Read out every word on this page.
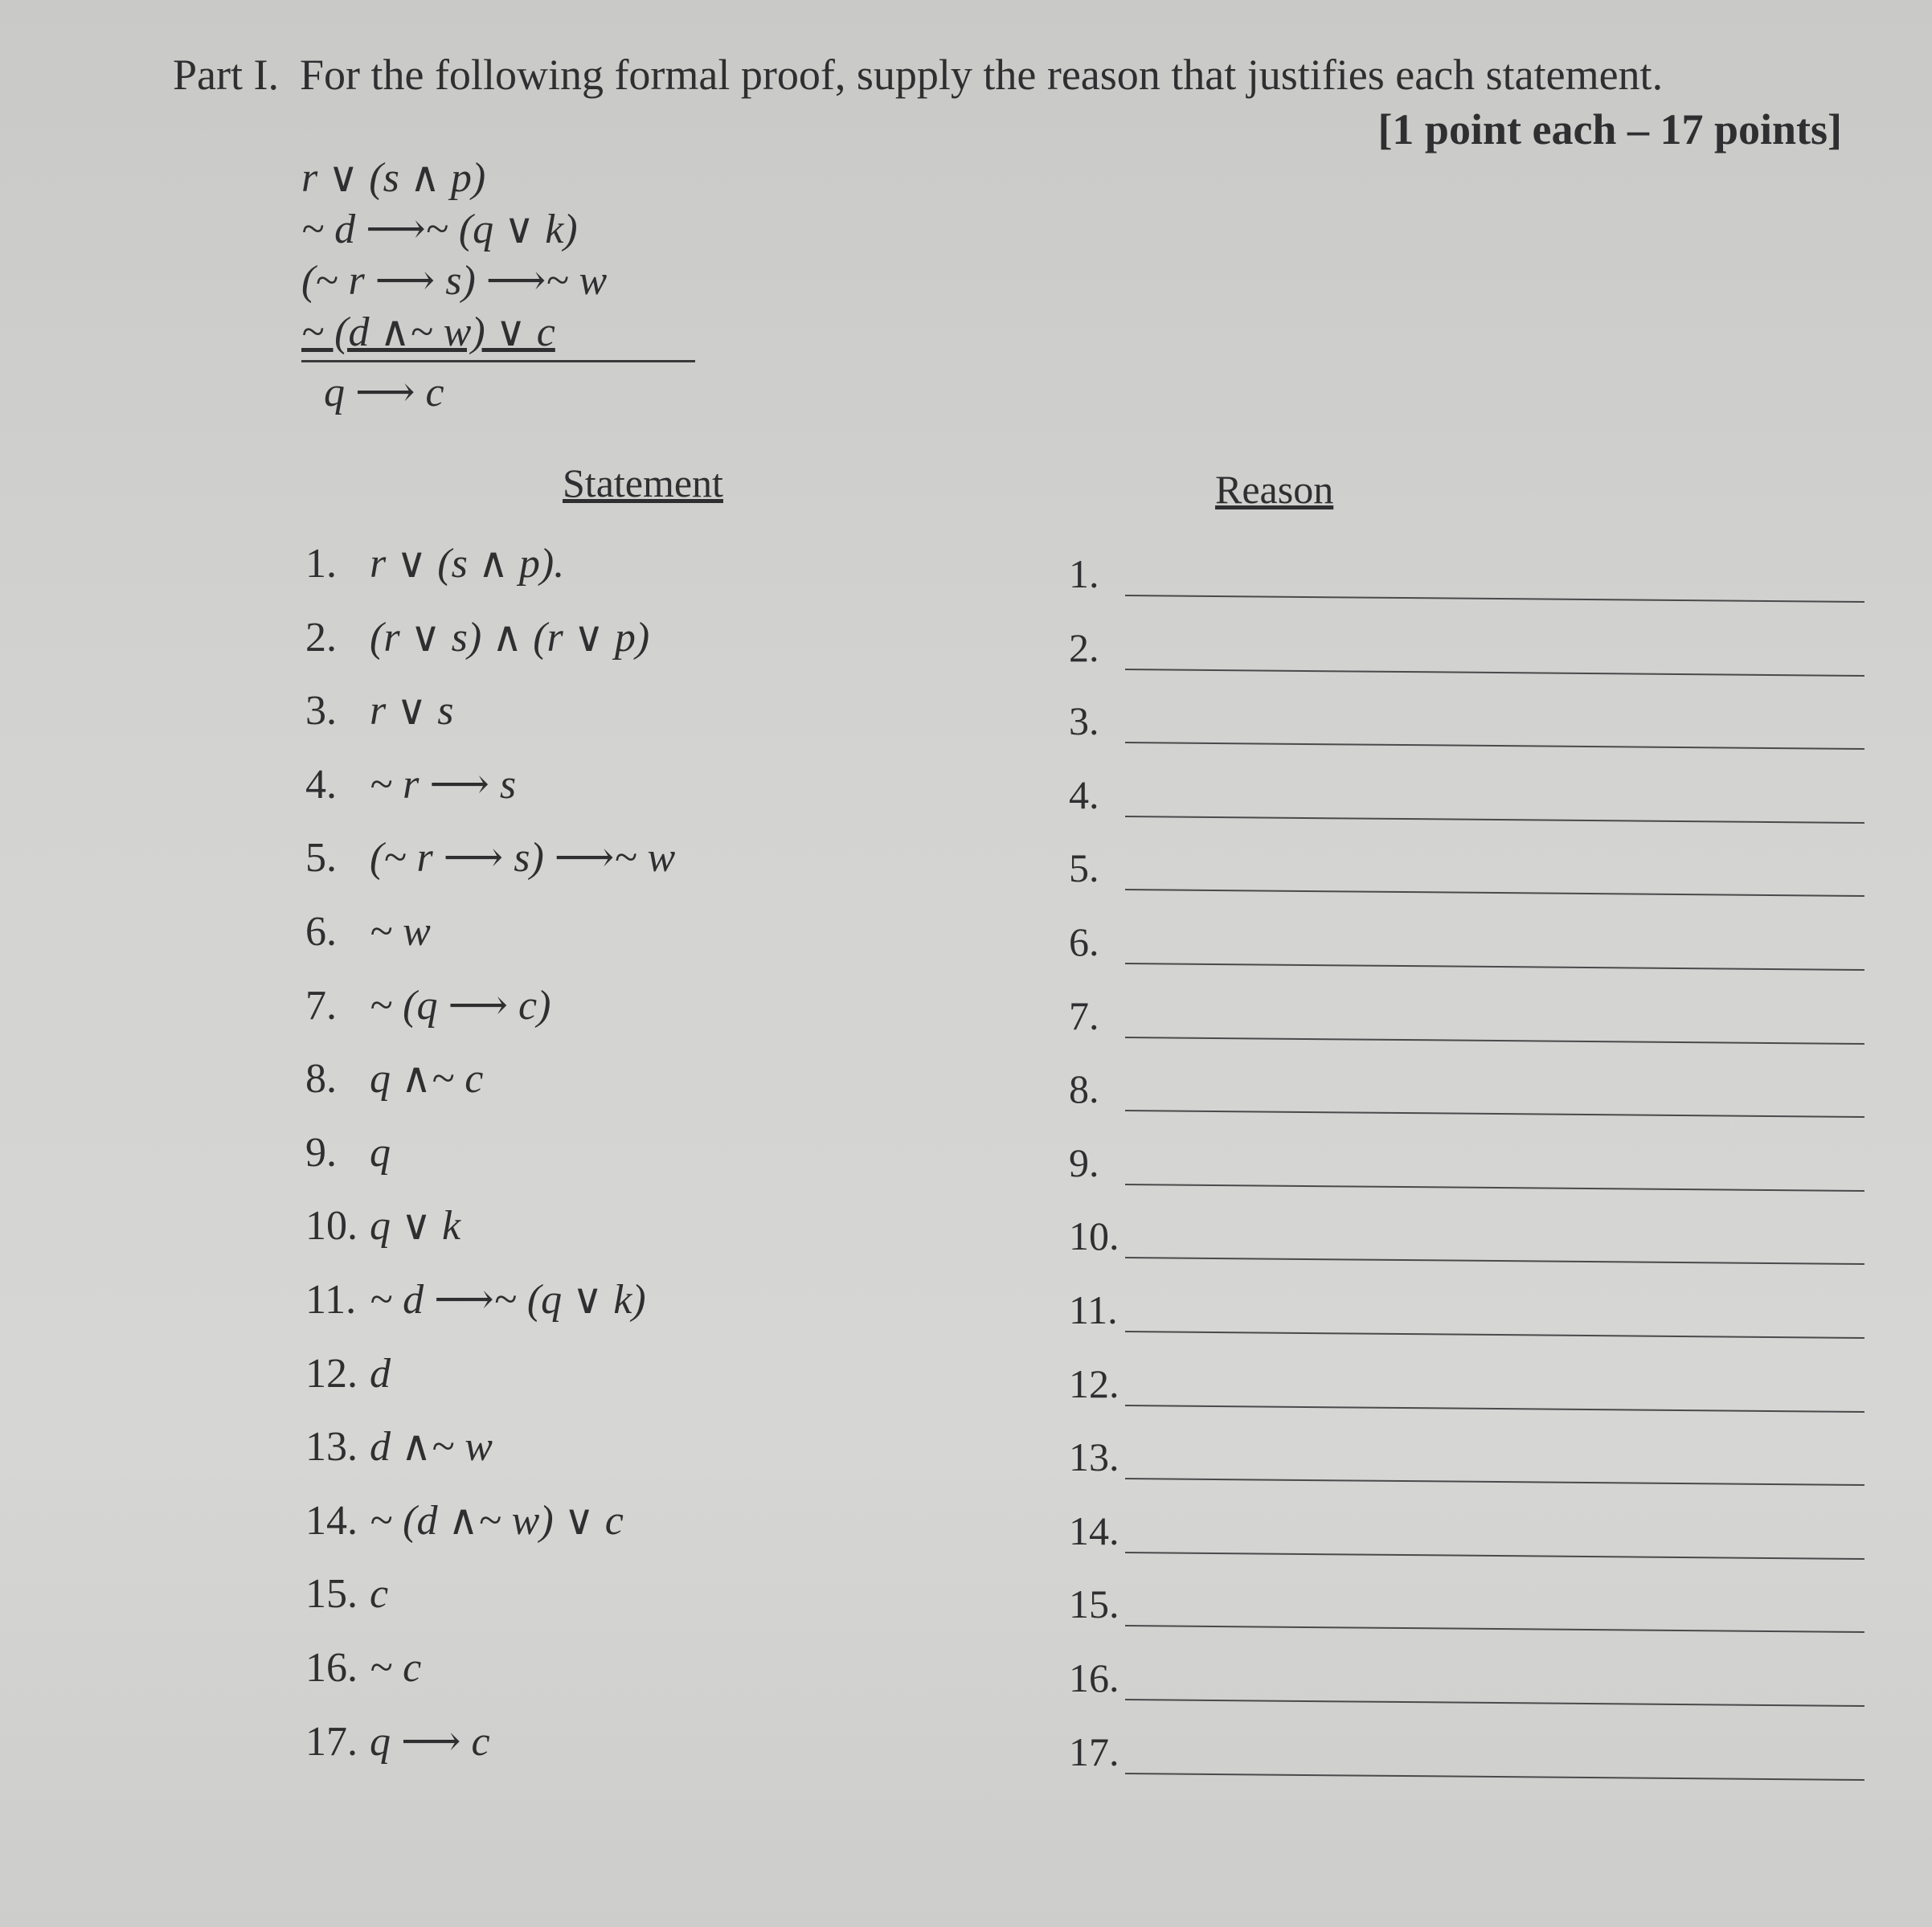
Part I. For the following formal proof, supply the reason that justifies each statement.
[1 point each – 17 points]
r ∨ (s ∧ p)
~ d ⟶~ (q ∨ k)
(~ r ⟶ s) ⟶~ w
~ (d ∧~ w) ∨ c
q ⟶ c
Statement	Reason
1. r ∨ (s ∧ p).
2. (r ∨ s) ∧ (r ∨ p)
3. r ∨ s
4. ~ r ⟶ s
5. (~ r ⟶ s) ⟶~ w
6. ~ w
7. ~ (q ⟶ c)
8. q ∧~ c
9. q
10. q ∨ k
11. ~ d ⟶~ (q ∨ k)
12. d
13. d ∧~ w
14. ~ (d ∧~ w) ∨ c
15. c
16. ~ c
17. q ⟶ c
1.
2.
3.
4.
5.
6.
7.
8.
9.
10.
11.
12.
13.
14.
15.
16.
17.
